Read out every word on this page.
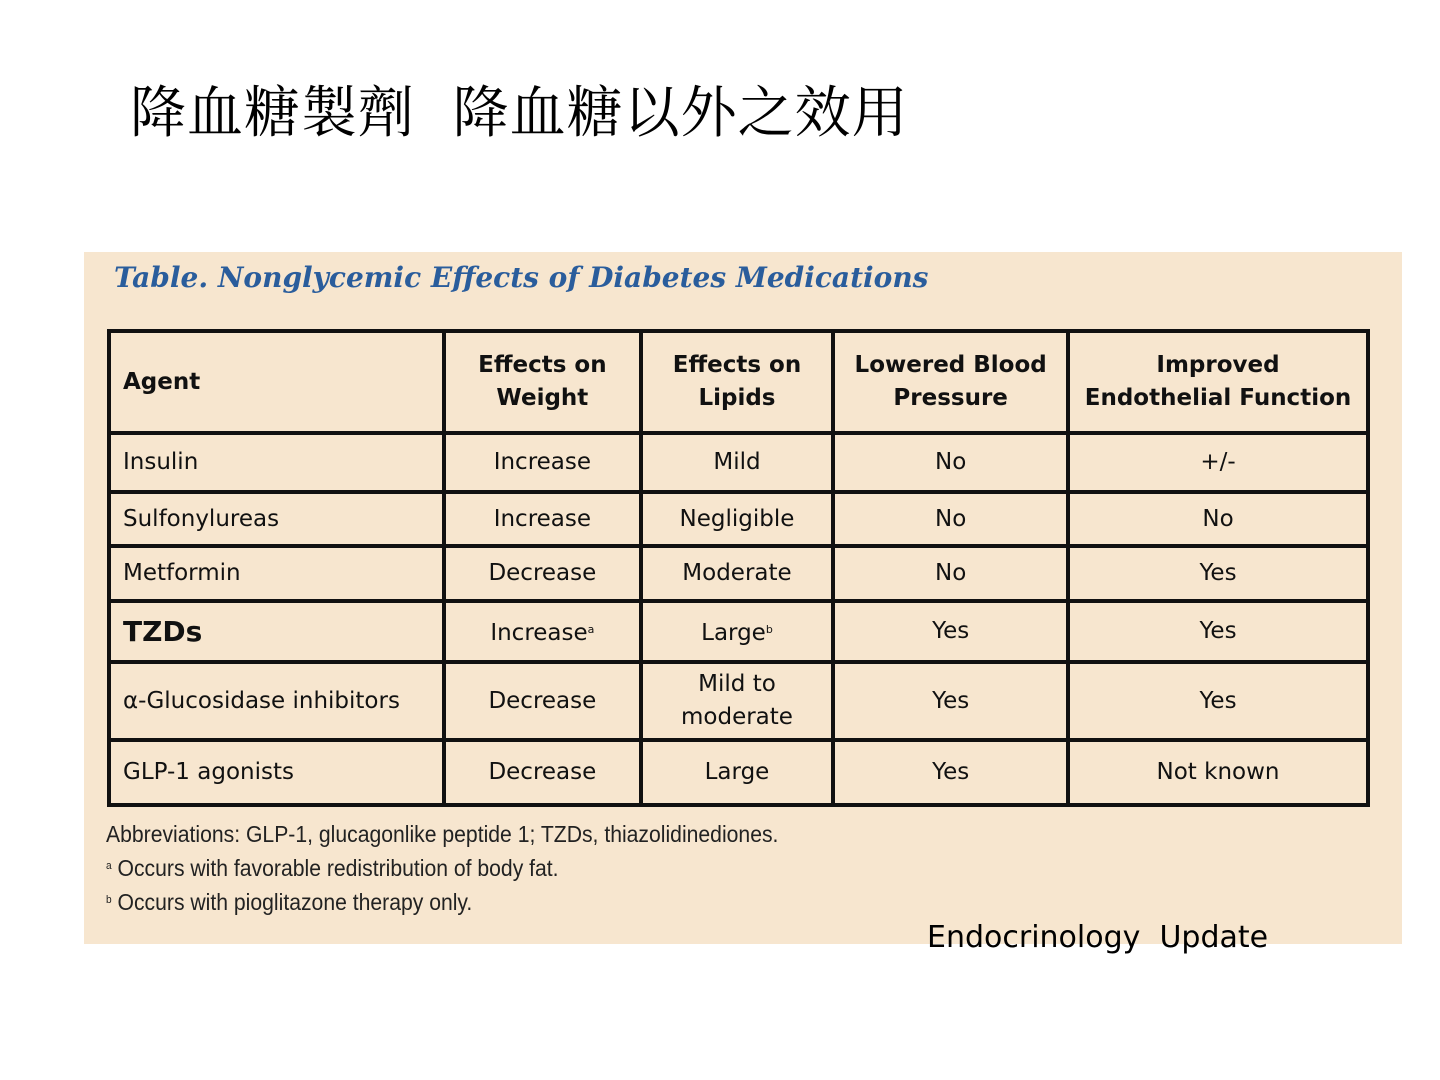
降血糖製劑  降血糖以外之效用
Table. Nonglycemic Effects of Diabetes Medications
Agent	Effects on Weight	Effects on Lipids	Lowered Blood Pressure	Improved Endothelial Function
Insulin	Increase	Mild	No	+/-
Sulfonylureas	Increase	Negligible	No	No
Metformin	Decrease	Moderate	No	Yes
TZDs	Increase$^a$	Large$^b$	Yes	Yes
α-Glucosidase inhibitors	Decrease	Mild to moderate	Yes	Yes
GLP-1 agonists	Decrease	Large	Yes	Not known
Abbreviations: GLP-1, glucagonlike peptide 1; TZDs, thiazolidinediones.
$^a$ Occurs with favorable redistribution of body fat.
$^b$ Occurs with pioglitazone therapy only.
Endocrinology  Update
